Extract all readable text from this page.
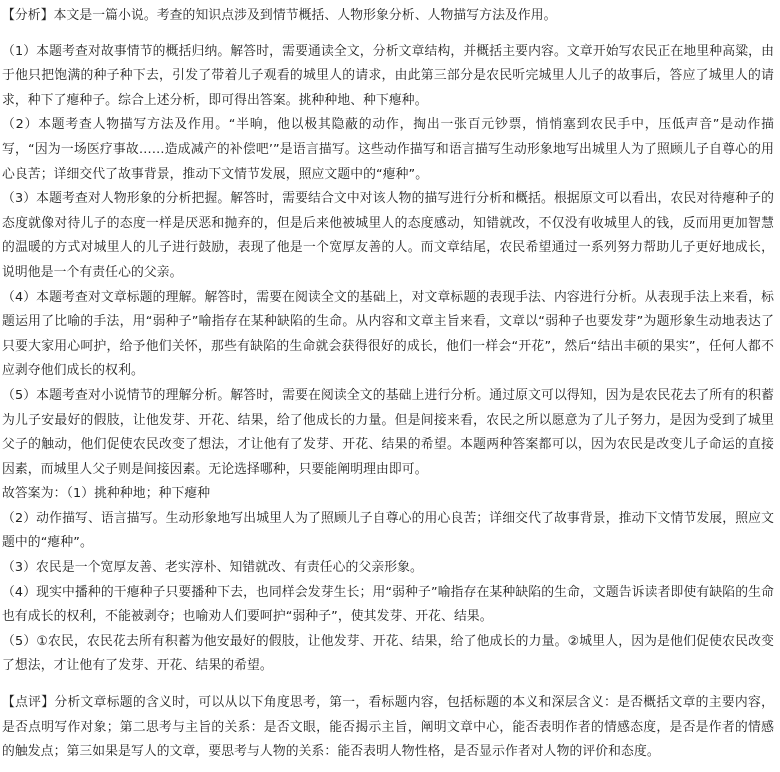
【分析】本文是一篇小说。考查的知识点涉及到情节概括、人物形象分析、人物描写方法及作用。

（1）本题考查对故事情节的概括归纳。解答时，需要通读全文，分析文章结构，并概括主要内容。文章开始写农民正在地里种高粱，由于他只把饱满的种子种下去，引发了带着儿子观看的城里人的请求，由此第三部分是农民听完城里人儿子的故事后，答应了城里人的请求，种下了瘪种子。综合上述分析，即可得出答案。挑种种地、种下瘪种。

（2）本题考查人物描写方法及作用。“半晌，他以极其隐蔽的动作，掏出一张百元钞票，悄悄塞到农民手中，压低声音”是动作描写，“因为一场医疗事故……造成减产的补偿吧’”是语言描写。这些动作描写和语言描写生动形象地写出城里人为了照顾儿子自尊心的用心良苦；详细交代了故事背景，推动下文情节发展，照应文题中的“瘪种”。

（3）本题考查对人物形象的分析把握。解答时，需要结合文中对该人物的描写进行分析和概括。根据原文可以看出，农民对待瘪种子的态度就像对待儿子的态度一样是厌恶和抛弃的，但是后来他被城里人的态度感动，知错就改，不仅没有收城里人的钱，反而用更加智慧的温暖的方式对城里人的儿子进行鼓励，表现了他是一个宽厚友善的人。而文章结尾，农民希望通过一系列努力帮助儿子更好地成长，说明他是一个有责任心的父亲。

（4）本题考查对文章标题的理解。解答时，需要在阅读全文的基础上，对文章标题的表现手法、内容进行分析。从表现手法上来看，标题运用了比喻的手法，用“弱种子”喻指存在某种缺陷的生命。从内容和文章主旨来看，文章以“弱种子也要发芽”为题形象生动地表达了只要大家用心呵护，给予他们关怀，那些有缺陷的生命就会获得很好的成长，他们一样会“开花”，然后“结出丰硕的果实”，任何人都不应剥夺他们成长的权利。

（5）本题考查对小说情节的理解分析。解答时，需要在阅读全文的基础上进行分析。通过原文可以得知，因为是农民花去了所有的积蓄为儿子安最好的假肢，让他发芽、开花、结果，给了他成长的力量。但是间接来看，农民之所以愿意为了儿子努力，是因为受到了城里父子的触动，他们促使农民改变了想法，才让他有了发芽、开花、结果的希望。本题两种答案都可以，因为农民是改变儿子命运的直接因素，而城里人父子则是间接因素。无论选择哪种，只要能阐明理由即可。

故答案为：（1）挑种种地；种下瘪种

（2）动作描写、语言描写。生动形象地写出城里人为了照顾儿子自尊心的用心良苦；详细交代了故事背景，推动下文情节发展，照应文题中的“瘪种”。

（3）农民是一个宽厚友善、老实淳朴、知错就改、有责任心的父亲形象。

（4）现实中播种的干瘪种子只要播种下去，也同样会发芽生长；用“弱种子”喻指存在某种缺陷的生命，文题告诉读者即使有缺陷的生命也有成长的权利，不能被剥夺；也喻劝人们要呵护“弱种子”，使其发芽、开花、结果。

（5）①农民，农民花去所有积蓄为他安最好的假肢，让他发芽、开花、结果，给了他成长的力量。②城里人，因为是他们促使农民改变了想法，才让他有了发芽、开花、结果的希望。

【点评】分析文章标题的含义时，可以从以下角度思考，第一，看标题内容，包括标题的本义和深层含义：是否概括文章的主要内容，是否点明写作对象；第二思考与主旨的关系：是否文眼，能否揭示主旨，阐明文章中心，能否表明作者的情感态度，是否是作者的情感的触发点；第三如果是写人的文章，要思考与人物的关系：能否表明人物性格，是否显示作者对人物的评价和态度。
